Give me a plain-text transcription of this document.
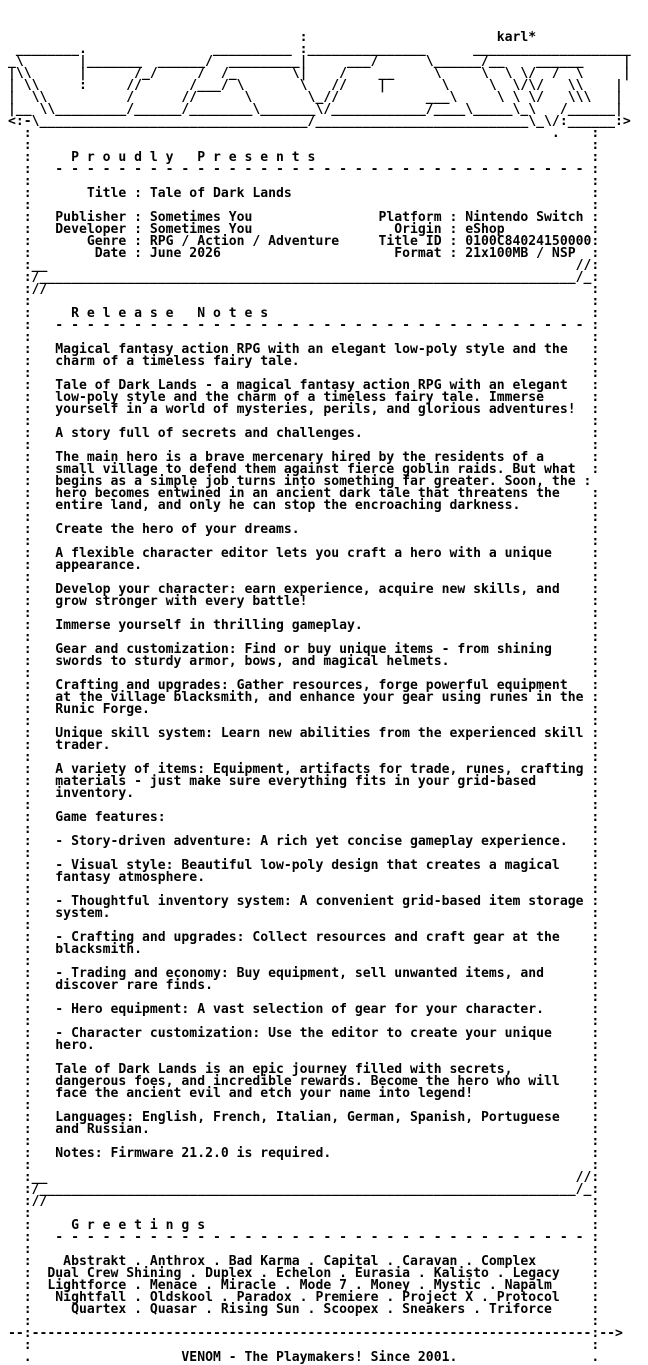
:                        karl*
________.                __________ :_______________      ____________________
_\       |_______  ______/  _________|     ___/      \______/__    ______     |
|\\      |      /_/     /  /_       \|    /    __     \     \  \ \/  /  \     |
| \\     :     //      /___/ \       \   //    |       \     \  \/\/   \\    |
|  \\          /      //      \       \_//           ___\     \ \ \/   \\\   |
|__ \\_________/______/________\_______\/____________/____\_____\_\   /______|
<:-\__________________________________/___________________________\_\/:______:>
:                                                                  .    :
:                                                                       :
:     P r o u d l y   P r e s e n t s                                   :
:   - - - - - - - - - - - - - - - - - - - - - - - - - - - - - - - - - - :
:                                                                       :
:       Title : Tale of Dark Lands                                      :
:                                                                       :
:   Publisher : Sometimes You                Platform : Nintendo Switch :
:   Developer : Sometimes You                  Origin : eShop           :
:       Genre : RPG / Action / Adventure     Title ID : 0100C84024150000:
:        Date : June 2026                      Format : 21x100MB / NSP  :
:__                                                                   //:
:/____________________________________________________________________/_:
://                                                                     :
:                                                                       :
:     R e l e a s e   N o t e s                                         :
:   - - - - - - - - - - - - - - - - - - - - - - - - - - - - - - - - - - :
:                                                                       :
:   Magical fantasy action RPG with an elegant low-poly style and the   :
:   charm of a timeless fairy tale.                                     :
:                                                                       :
:   Tale of Dark Lands - a magical fantasy action RPG with an elegant   :
:   low-poly style and the charm of a timeless fairy tale. Immerse      :
:   yourself in a world of mysteries, perils, and glorious adventures!  :
:                                                                       :
:   A story full of secrets and challenges.                             :
:                                                                       :
:   The main hero is a brave mercenary hired by the residents of a      :
:   small village to defend them against fierce goblin raids. But what  :
:   begins as a simple job turns into something far greater. Soon, the :
:   hero becomes entwined in an ancient dark tale that threatens the    :
:   entire land, and only he can stop the encroaching darkness.         :
:                                                                       :
:   Create the hero of your dreams.                                     :
:                                                                       :
:   A flexible character editor lets you craft a hero with a unique     :
:   appearance.                                                         :
:                                                                       :
:   Develop your character: earn experience, acquire new skills, and    :
:   grow stronger with every battle!                                    :
:                                                                       :
:   Immerse yourself in thrilling gameplay.                             :
:                                                                       :
:   Gear and customization: Find or buy unique items - from shining     :
:   swords to sturdy armor, bows, and magical helmets.                  :
:                                                                       :
:   Crafting and upgrades: Gather resources, forge powerful equipment   :
:   at the village blacksmith, and enhance your gear using runes in the :
:   Runic Forge.                                                        :
:                                                                       :
:   Unique skill system: Learn new abilities from the experienced skill :
:   trader.                                                             :
:                                                                       :
:   A variety of items: Equipment, artifacts for trade, runes, crafting :
:   materials - just make sure everything fits in your grid-based       :
:   inventory.                                                          :
:                                                                       :
:   Game features:                                                      :
:                                                                       :
:   - Story-driven adventure: A rich yet concise gameplay experience.   :
:                                                                       :
:   - Visual style: Beautiful low-poly design that creates a magical    :
:   fantasy atmosphere.                                                 :
:                                                                       :
:   - Thoughtful inventory system: A convenient grid-based item storage :
:   system.                                                             :
:                                                                       :
:   - Crafting and upgrades: Collect resources and craft gear at the    :
:   blacksmith.                                                         :
:                                                                       :
:   - Trading and economy: Buy equipment, sell unwanted items, and      :
:   discover rare finds.                                                :
:                                                                       :
:   - Hero equipment: A vast selection of gear for your character.      :
:                                                                       :
:   - Character customization: Use the editor to create your unique     :
:   hero.                                                               :
:                                                                       :
:   Tale of Dark Lands is an epic journey filled with secrets,          :
:   dangerous foes, and incredible rewards. Become the hero who will    :
:   face the ancient evil and etch your name into legend!               :
:                                                                       :
:   Languages: English, French, Italian, German, Spanish, Portuguese    :
:   and Russian.                                                        :
:                                                                       :
:   Notes: Firmware 21.2.0 is required.                                 :
:                                                                       :
:__                                                                   //:
:/____________________________________________________________________/_:
://                                                                     :
:                                                                       :
:     G r e e t i n g s                                                 :
:   - - - - - - - - - - - - - - - - - - - - - - - - - - - - - - - - - - :
:                                                                       :
:    Abstrakt . Anthrox . Bad Karma . Capital . Caravan . Complex       :
:  Dual Crew Shining . Duplex . Echelon . Eurasia . Kalisto . Legacy    :
:  Lightforce . Menace . Miracle . Mode 7 . Money . Mystic . Napalm     :
:   Nightfall . Oldskool . Paradox . Premiere . Project X . Protocol    :
:     Quartex . Quasar . Rising Sun . Scoopex . Sneakers . Triforce     :
:                                                                       :
--:-----------------------------------------------------------------------:-->
:                                                                       :
.                   VENOM - The Playmakers! Since 2001.                 .
